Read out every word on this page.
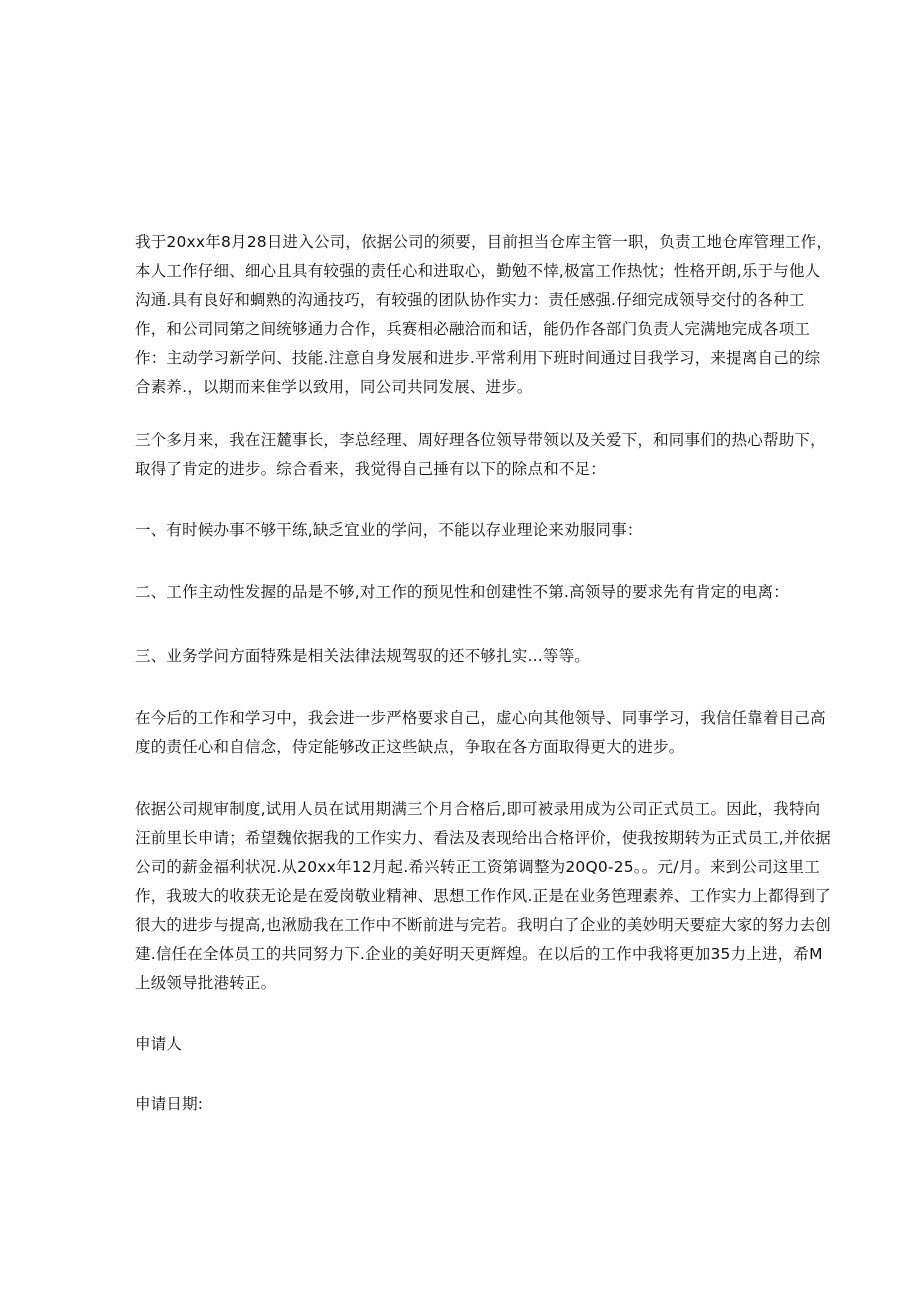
我于20xx年8月28日进入公司，依据公司的须要，目前担当仓库主管一职，负责工地仓库管理工作，
本人工作仔细、细心且具有较强的责任心和进取心，勤勉不悻,极富工作热忱；性格开朗,乐于与他人
沟通.具有良好和蜩熟的沟通技巧，有较强的团队协作实力：责任感强.仔细完成领导交付的各种工
作，和公司同第之间统够通力合作，兵赛相必融洽而和话，能仍作各部门负责人完满地完成各项工
作：主动学习新学问、技能.注意自身发展和进步.平常利用下班时间通过目我学习，来提离自己的综
合素养.，以期而来隹学以致用，同公司共同发展、进步。
三个多月来，我在汪麓事长，李总经理、周好理各位领导带领以及关爱下，和同事们的热心帮助下，
取得了肯定的进步。综合看来，我觉得自己捶有以下的除点和不足：
一、有时候办事不够干练,缺乏宜业的学问，不能以存业理论来劝服同事：
二、工作主动性发握的品是不够,对工作的预见性和创建性不第.高领导的要求先有肯定的电离：
三、业务学问方面特殊是相关法律法规驾驭的还不够扎实...等等。
在今后的工作和学习中，我会进一步严格要求自己，虚心向其他领导、同事学习，我信任靠着目己高
度的责任心和自信念，侍定能够改正这些缺点，争取在各方面取得更大的进步。
依据公司规审制度,试用人员在试用期满三个月合格后,即可被录用成为公司正式员工。因此，我特向
汪前里长申请；希望魏依据我的工作实力、看法及表现给出合格评价，使我按期转为正式员工,并依据
公司的薪金福利状况.从20xx年12月起.希兴转正工资第调整为20Q0-25。。元/月。来到公司这里工
作，我玻大的收获无论是在爱岗敬业精神、思想工作作风.正是在业务笆理素养、工作实力上都得到了
很大的进步与提高,也湫励我在工作中不断前进与完若。我明白了企业的美妙明天要症大家的努力去创
建.信任在全体员工的共同努力下.企业的美好明天更辉煌。在以后的工作中我将更加35力上进，希M
上级领导批港转正。

申请人

申请日期:
